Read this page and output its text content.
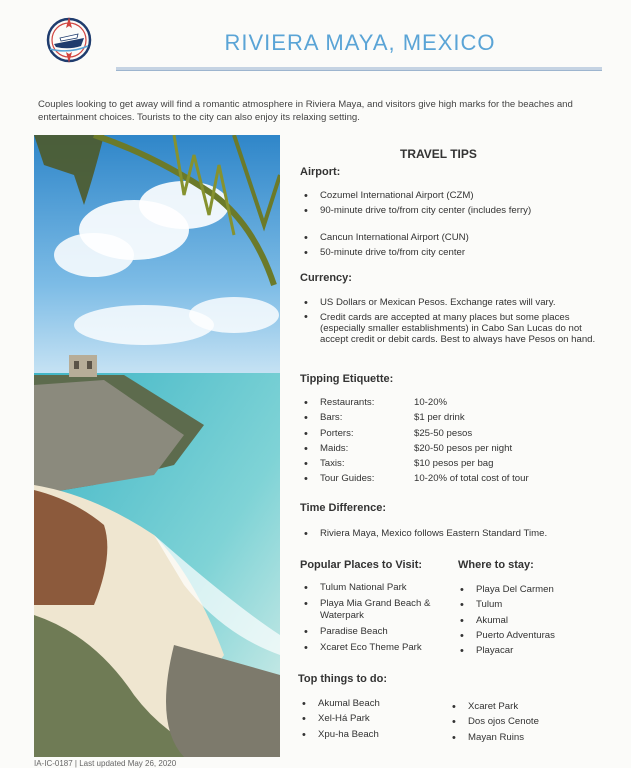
RIVIERA MAYA, MEXICO
Couples looking to get away will find a romantic atmosphere in Riviera Maya, and visitors give high marks for the beaches and entertainment choices. Tourists to the city can also enjoy its relaxing setting.
TRAVEL TIPS
Airport:
• Cozumel International Airport (CZM)
• 90-minute drive to/from city center (includes ferry)
• Cancun International Airport (CUN)
• 50-minute drive to/from city center
Currency:
• US Dollars or Mexican Pesos. Exchange rates will vary.
• Credit cards are accepted at many places but some places (especially smaller establishments) in Cabo San Lucas do not accept credit or debit cards. Best to always have Pesos on hand.
Tipping Etiquette:
• Restaurants:	10-20%
• Bars:	$1 per drink
• Porters:	$25-50 pesos
• Maids:	$20-50 pesos per night
• Taxis:	$10 pesos per bag
• Tour Guides:	10-20% of total cost of tour
Time Difference:
• Riviera Maya, Mexico follows Eastern Standard Time.
Popular Places to Visit:
• Tulum National Park
• Playa Mia Grand Beach & Waterpark
• Paradise Beach
• Xcaret Eco Theme Park
Where to stay:
• Playa Del Carmen
• Tulum
• Akumal
• Puerto Adventuras
• Playacar
Top things to do:
• Akumal Beach
• Xel-Há Park
• Xpu-ha Beach
• Xcaret Park
• Dos ojos Cenote
• Mayan Ruins
IA-IC-0187 | Last updated May 26, 2020
